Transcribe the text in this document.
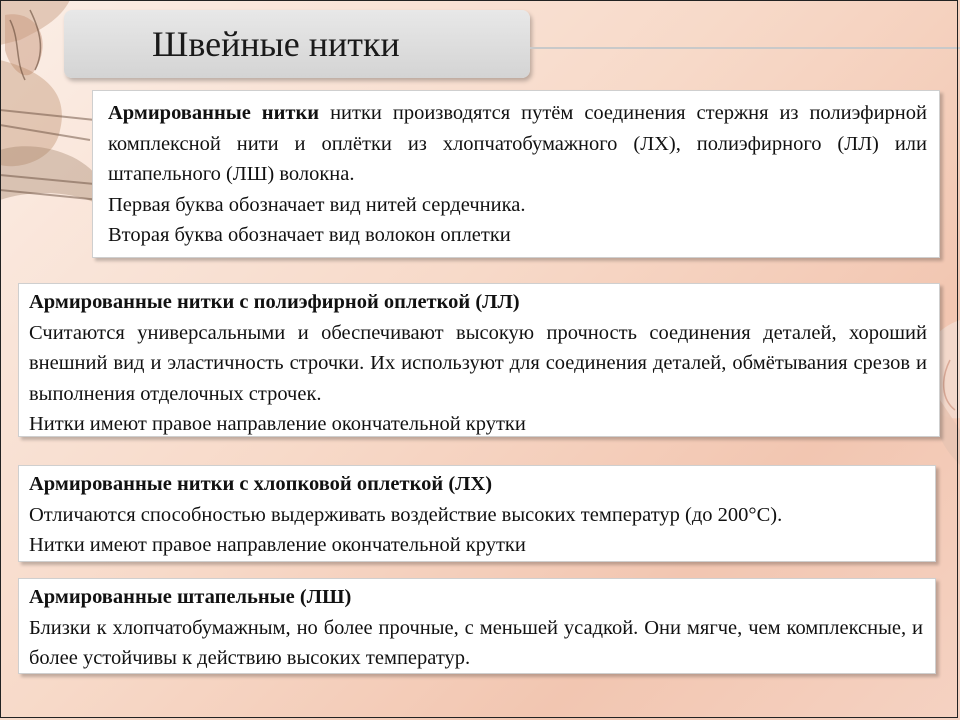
Швейные нитки

Армированные нитки нитки производятся путём соединения стержня из полиэфирной комплексной нити и оплётки из хлопчатобумажного (ЛХ), полиэфирного (ЛЛ) или штапельного (ЛШ) волокна.

Первая буква обозначает вид нитей сердечника.

Вторая буква обозначает вид волокон оплетки

Армированные нитки с полиэфирной оплеткой (ЛЛ)

Считаются универсальными и обеспечивают высокую прочность соединения деталей, хороший внешний вид и эластичность строчки. Их используют для соединения деталей, обмётывания срезов и выполнения отделочных строчек.

Нитки имеют правое направление окончательной крутки

Армированные нитки с хлопковой оплеткой (ЛХ)

Отличаются способностью выдерживать воздействие высоких температур (до 200°С).

Нитки имеют правое направление окончательной крутки

Армированные штапельные (ЛШ)

Близки к хлопчатобумажным, но более прочные, с меньшей усадкой. Они мягче, чем комплексные, и более устойчивы к действию высоких температур.
